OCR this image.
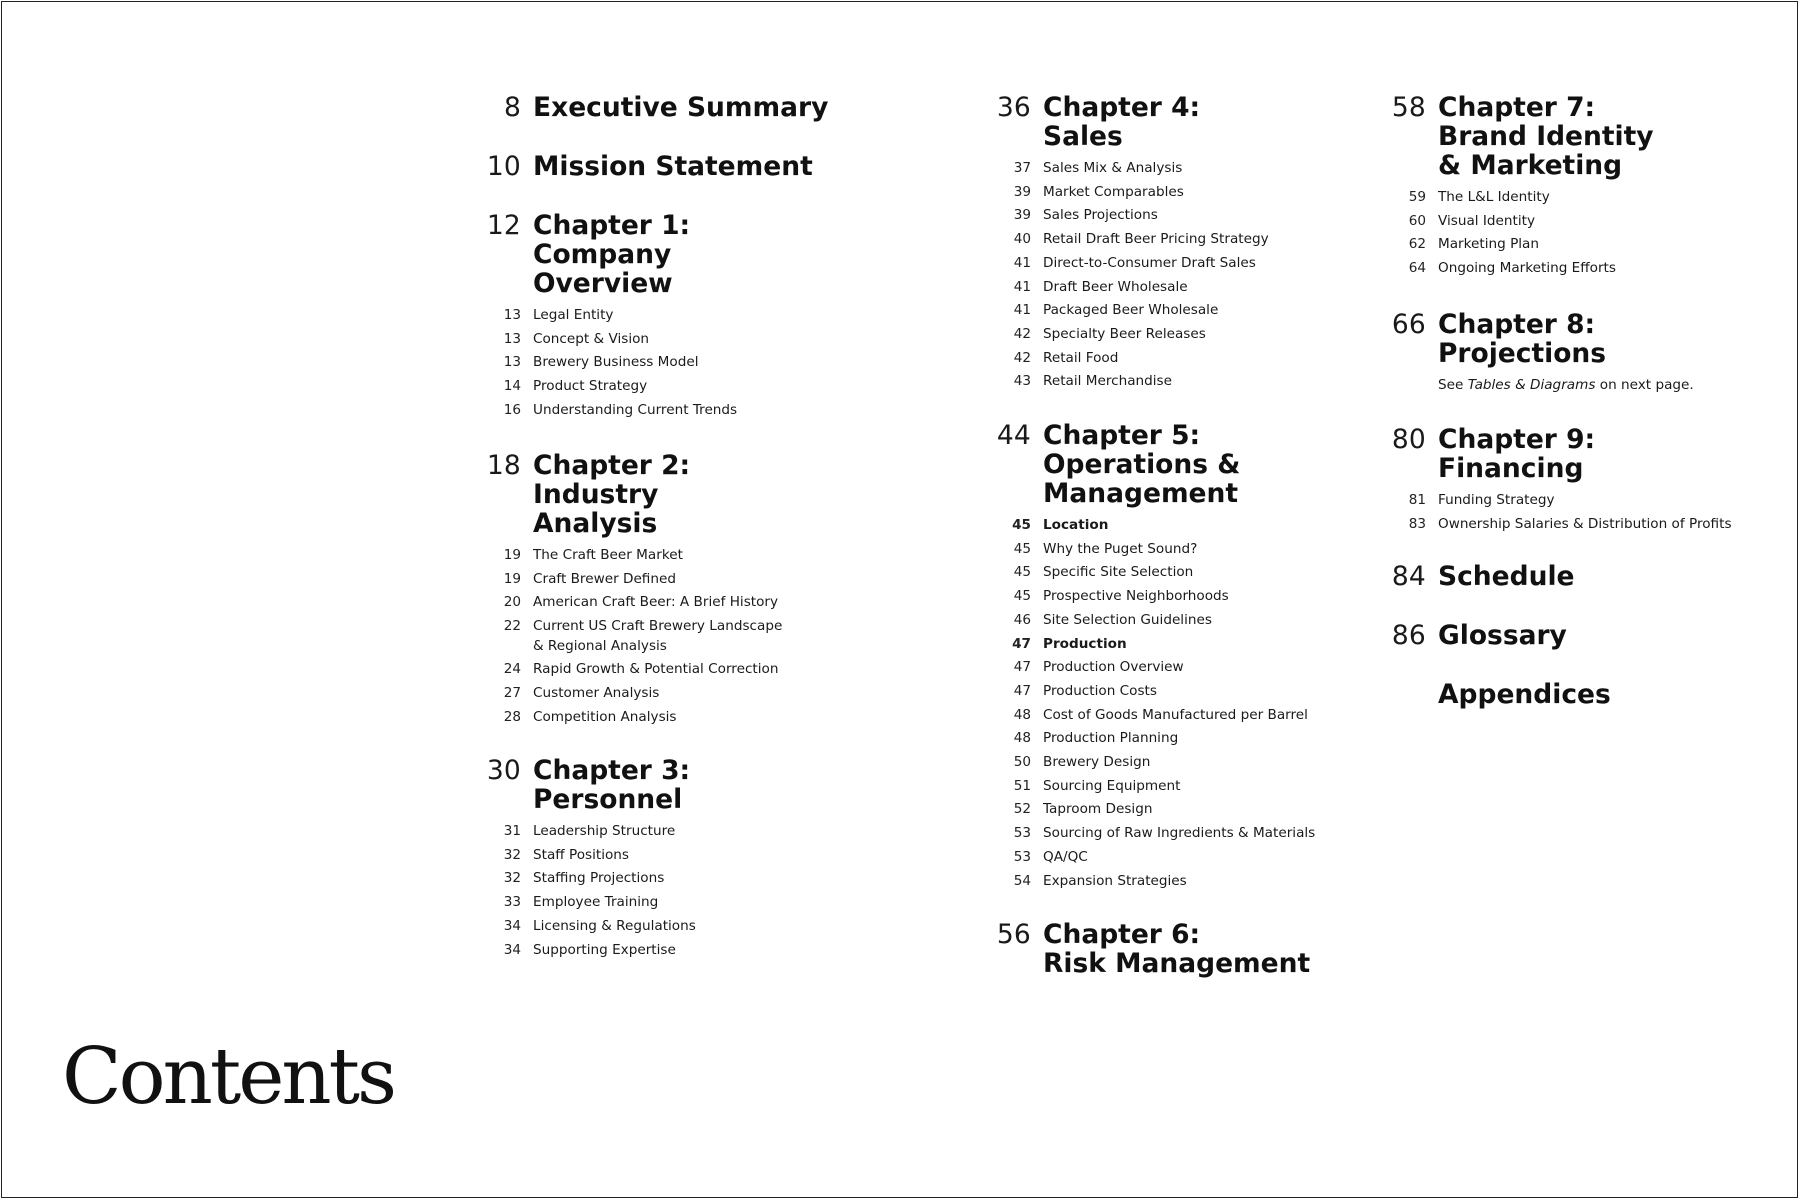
8 Executive Summary
10 Mission Statement
12 Chapter 1:
Company
Overview
13 Legal Entity
13 Concept & Vision
13 Brewery Business Model
14 Product Strategy
16 Understanding Current Trends
18 Chapter 2:
Industry
Analysis
19 The Craft Beer Market
19 Craft Brewer Defined
20 American Craft Beer: A Brief History
22 Current US Craft Brewery Landscape
& Regional Analysis
24 Rapid Growth & Potential Correction
27 Customer Analysis
28 Competition Analysis
30 Chapter 3:
Personnel
31 Leadership Structure
32 Staff Positions
32 Staffing Projections
33 Employee Training
34 Licensing & Regulations
34 Supporting Expertise
36 Chapter 4:
Sales
37 Sales Mix & Analysis
39 Market Comparables
39 Sales Projections
40 Retail Draft Beer Pricing Strategy
41 Direct-to-Consumer Draft Sales
41 Draft Beer Wholesale
41 Packaged Beer Wholesale
42 Specialty Beer Releases
42 Retail Food
43 Retail Merchandise
44 Chapter 5:
Operations &
Management
45 Location
45 Why the Puget Sound?
45 Specific Site Selection
45 Prospective Neighborhoods
46 Site Selection Guidelines
47 Production
47 Production Overview
47 Production Costs
48 Cost of Goods Manufactured per Barrel
48 Production Planning
50 Brewery Design
51 Sourcing Equipment
52 Taproom Design
53 Sourcing of Raw Ingredients & Materials
53 QA/QC
54 Expansion Strategies
56 Chapter 6:
Risk Management
58 Chapter 7:
Brand Identity
& Marketing
59 The L&L Identity
60 Visual Identity
62 Marketing Plan
64 Ongoing Marketing Efforts
66 Chapter 8:
Projections
See Tables & Diagrams on next page.
80 Chapter 9:
Financing
81 Funding Strategy
83 Ownership Salaries & Distribution of Profits
84 Schedule
86 Glossary
Appendices
Contents
